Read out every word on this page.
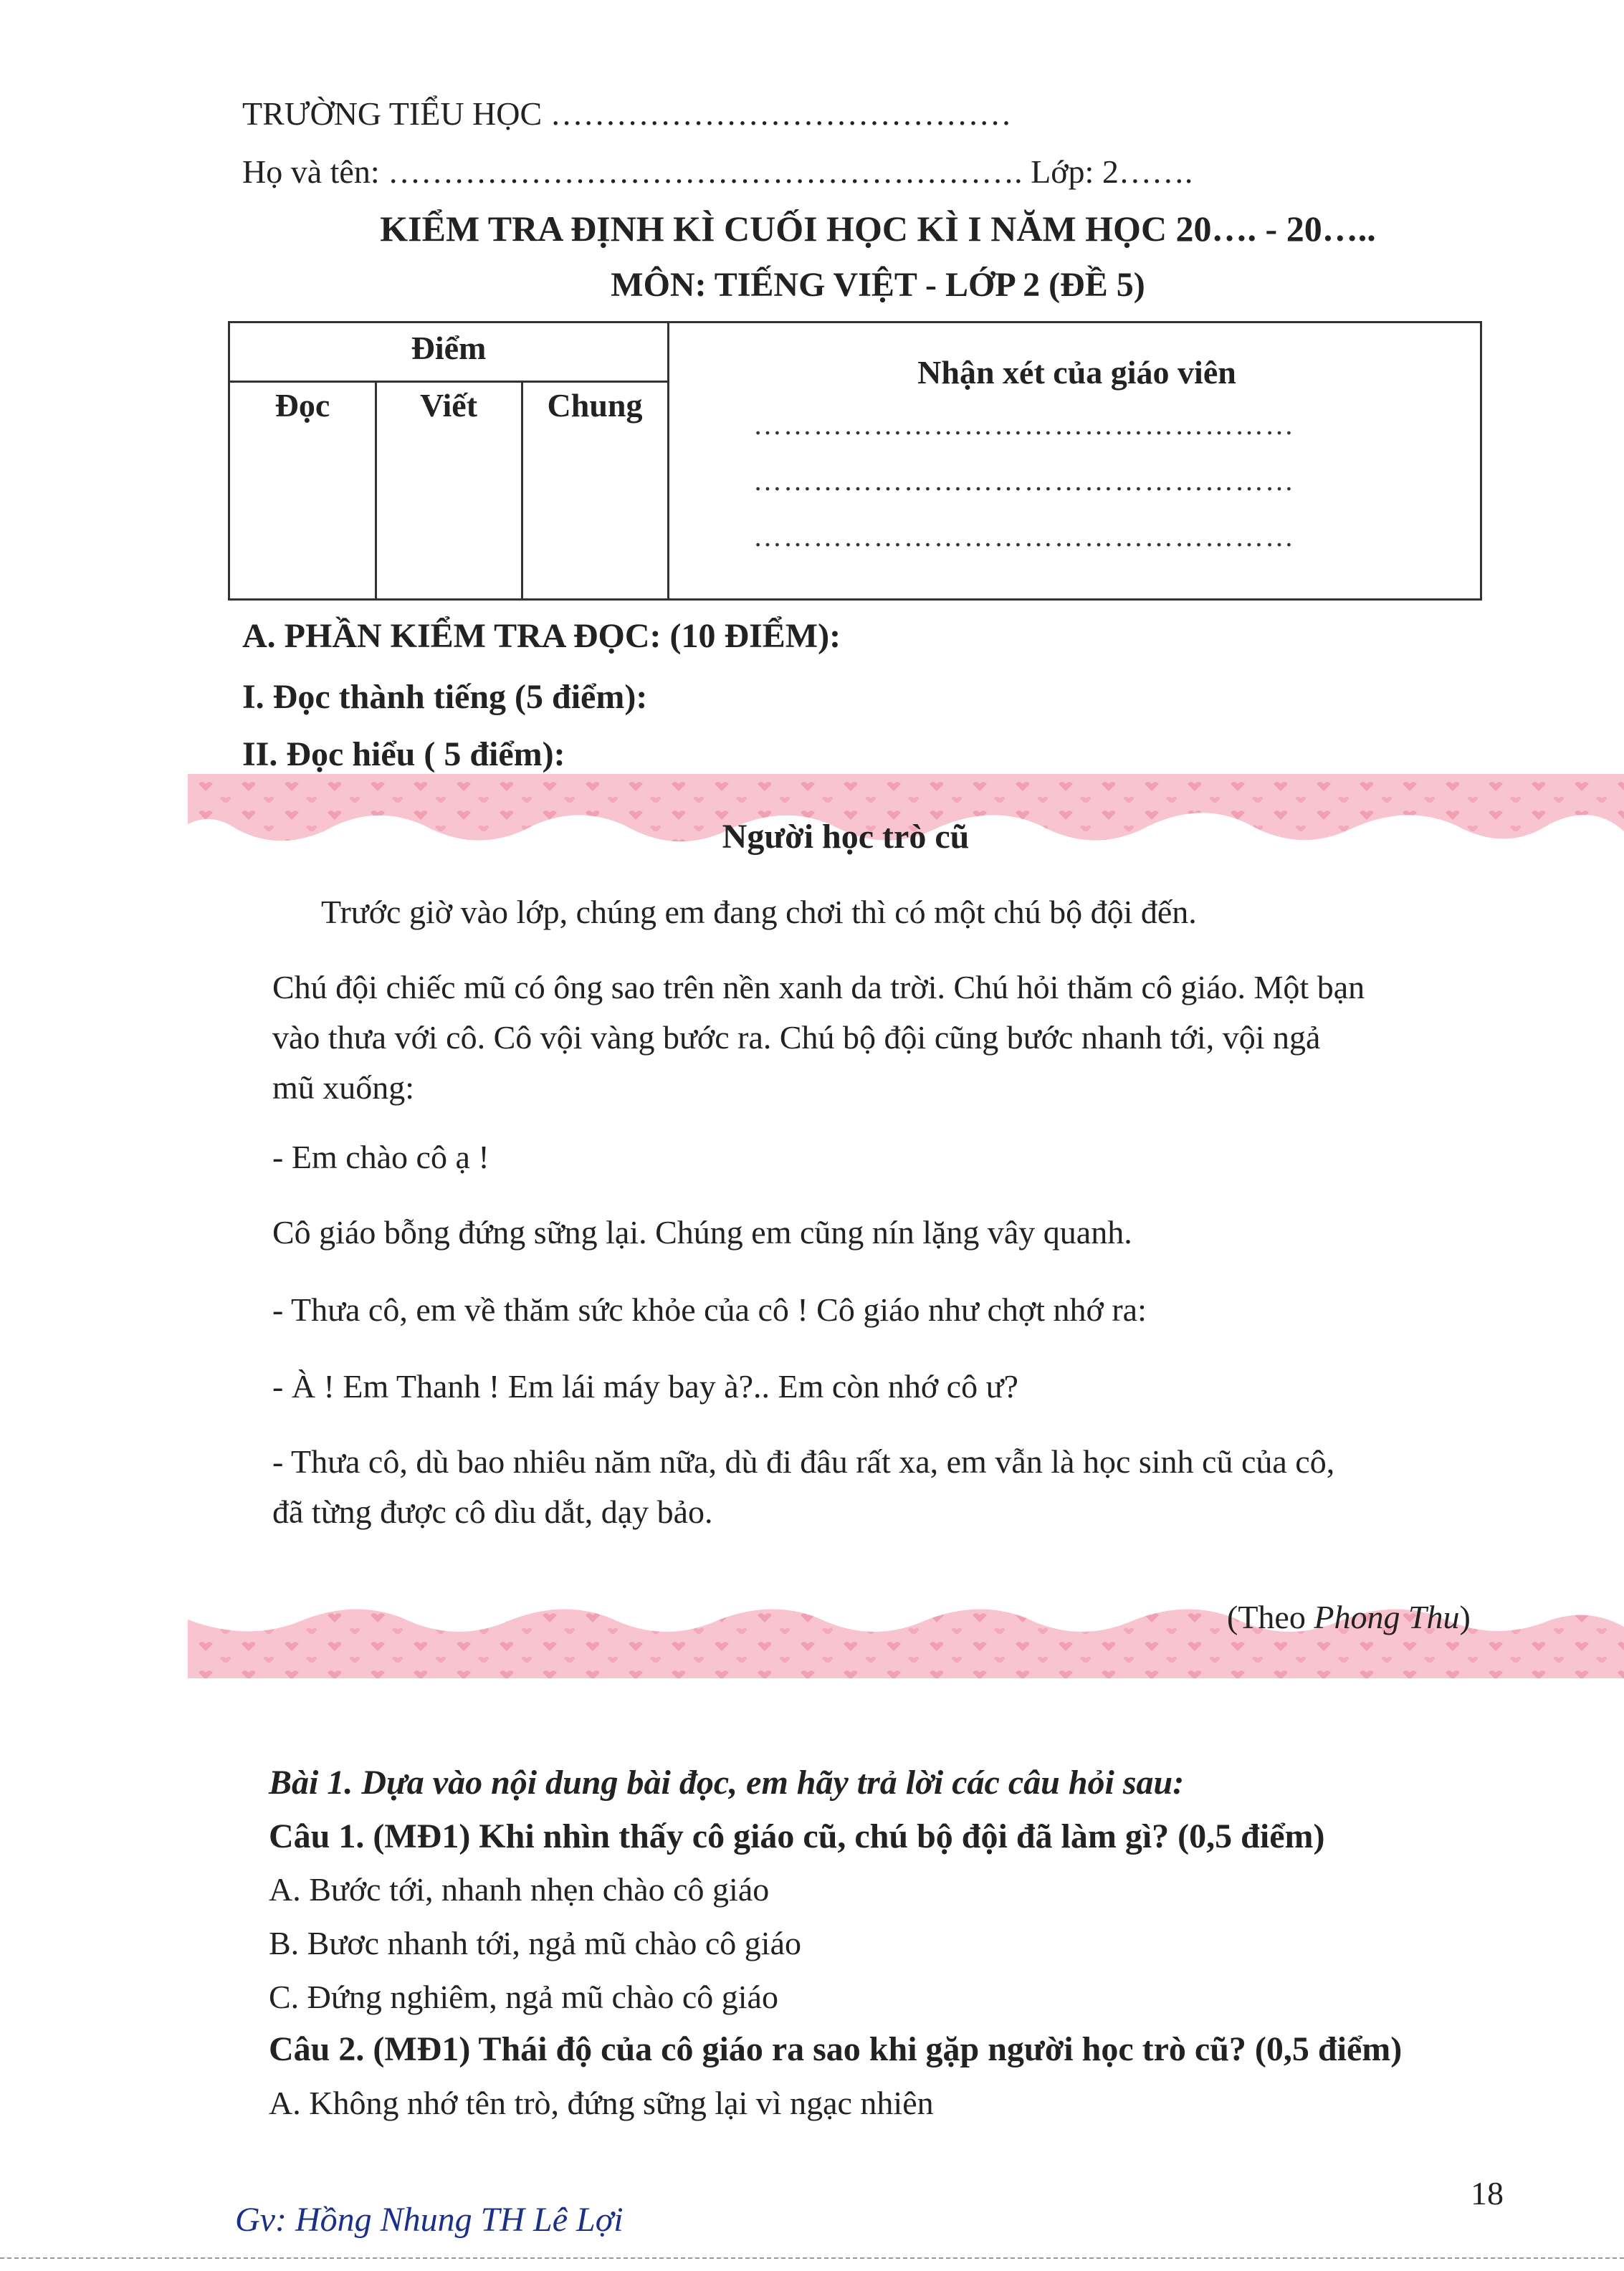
TRƯỜNG TIỂU HỌC ……………………………………
Họ và tên: …………………………………………………. Lớp: 2…….
KIỂM TRA ĐỊNH KÌ CUỐI HỌC KÌ I NĂM HỌC 20…. - 20…..
MÔN: TIẾNG VIỆT - LỚP 2 (ĐỀ 5)
Điểm
Đọc	Viết	Chung
Nhận xét của giáo viên
………………………………………………
………………………………………………
………………………………………………
A. PHẦN KIỂM TRA ĐỌC: (10 ĐIỂM):
I. Đọc thành tiếng (5 điểm):
II. Đọc hiểu ( 5 điểm):
Người học trò cũ
Trước giờ vào lớp, chúng em đang chơi thì có một chú bộ đội đến.
Chú đội chiếc mũ có ông sao trên nền xanh da trời. Chú hỏi thăm cô giáo. Một bạn
vào thưa với cô. Cô vội vàng bước ra. Chú bộ đội cũng bước nhanh tới, vội ngả
mũ xuống:
- Em chào cô ạ !
Cô giáo bỗng đứng sững lại. Chúng em cũng nín lặng vây quanh.
- Thưa cô, em về thăm sức khỏe của cô ! Cô giáo như chợt nhớ ra:
- À ! Em Thanh ! Em lái máy bay à?.. Em còn nhớ cô ư?
- Thưa cô, dù bao nhiêu năm nữa, dù đi đâu rất xa, em vẫn là học sinh cũ của cô,
đã từng được cô dìu dắt, dạy bảo.
(Theo Phong Thu)
Bài 1. Dựa vào nội dung bài đọc, em hãy trả lời các câu hỏi sau:
Câu 1. (MĐ1) Khi nhìn thấy cô giáo cũ, chú bộ đội đã làm gì? (0,5 điểm)
A. Bước tới, nhanh nhẹn chào cô giáo
B. Bươc nhanh tới, ngả mũ chào cô giáo
C. Đứng nghiêm, ngả mũ chào cô giáo
Câu 2. (MĐ1) Thái độ của cô giáo ra sao khi gặp người học trò cũ? (0,5 điểm)
A. Không nhớ tên trò, đứng sững lại vì ngạc nhiên
18
Gv: Hồng Nhung TH Lê Lợi
